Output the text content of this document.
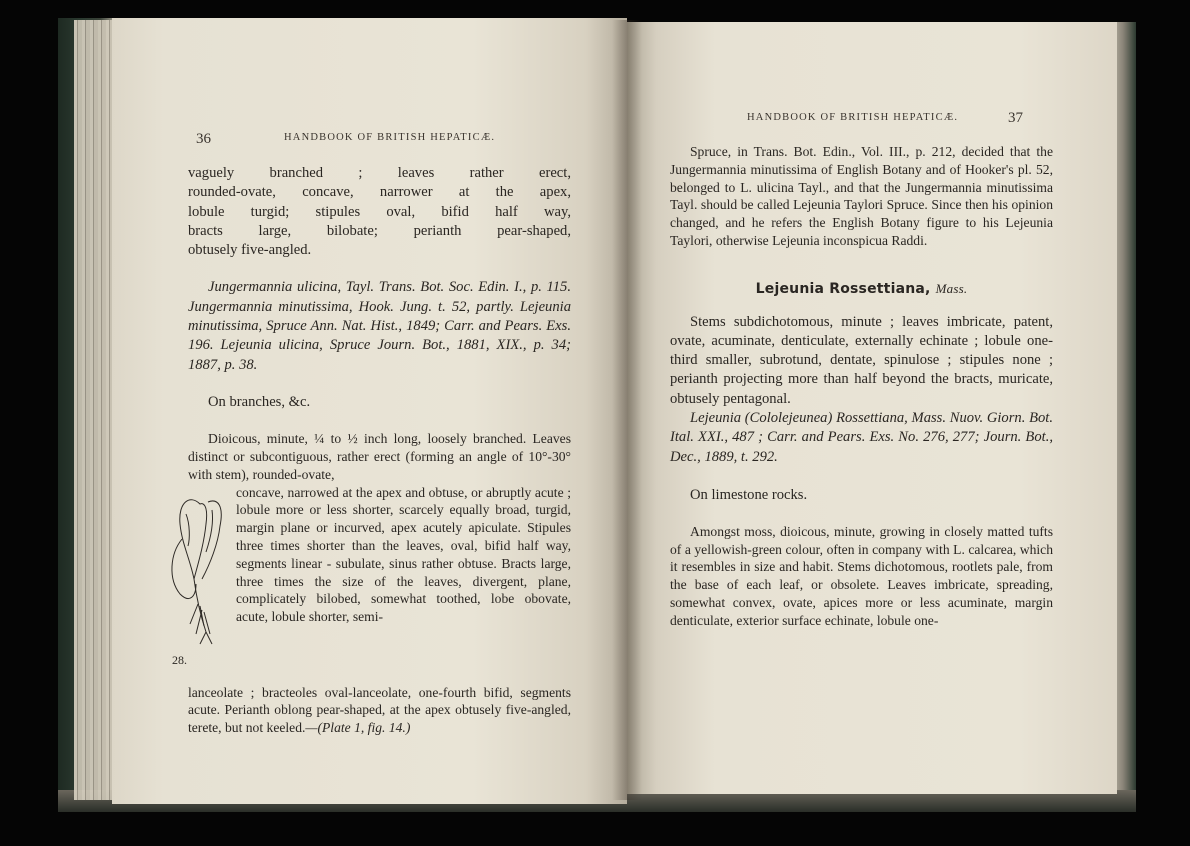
36	HANDBOOK OF BRITISH HEPATICÆ.

vaguely branched ; leaves rather erect,

rounded-ovate, concave, narrower at the apex,

lobule turgid; stipules oval, bifid half way,

bracts large, bilobate; perianth pear-shaped,

obtusely five-angled.

Jungermannia ulicina, Tayl. Trans. Bot. Soc. Edin. I., p. 115. Jungermannia minutissima, Hook. Jung. t. 52, partly. Lejeunia minutissima, Spruce Ann. Nat. Hist., 1849; Carr. and Pears. Exs. 196. Lejeunia ulicina, Spruce Journ. Bot., 1881, XIX., p. 34; 1887, p. 38.

On branches, &c.

Dioicous, minute, ¼ to ½ inch long, loosely branched. Leaves distinct or subcontiguous, rather erect (forming an angle of 10°-30° with stem), rounded-ovate,

28.

concave, narrowed at the apex and obtuse, or abruptly acute ; lobule more or less shorter, scarcely equally broad, turgid, margin plane or incurved, apex acutely apiculate. Stipules three times shorter than the leaves, oval, bifid half way, segments linear - subulate, sinus rather obtuse. Bracts large, three times the size of the leaves, divergent, plane, complicately bilobed, somewhat toothed, lobe obovate, acute, lobule shorter, semi-

lanceolate ; bracteoles oval-lanceolate, one-fourth bifid, segments acute. Perianth oblong pear-shaped, at the apex obtusely five-angled, terete, but not keeled.—(Plate 1, fig. 14.)

HANDBOOK OF BRITISH HEPATICÆ.	37

Spruce, in Trans. Bot. Edin., Vol. III., p. 212, decided that the Jungermannia minutissima of English Botany and of Hooker's pl. 52, belonged to L. ulicina Tayl., and that the Jungermannia minutissima Tayl. should be called Lejeunia Taylori Spruce. Since then his opinion changed, and he refers the English Botany figure to his Lejeunia Taylori, otherwise Lejeunia inconspicua Raddi.

Lejeunia Rossettiana, Mass.

Stems subdichotomous, minute ; leaves imbricate, patent, ovate, acuminate, denticulate, externally echinate ; lobule one-third smaller, subrotund, dentate, spinulose ; stipules none ; perianth projecting more than half beyond the bracts, muricate, obtusely pentagonal.

Lejeunia (Cololejeunea) Rossettiana, Mass. Nuov. Giorn. Bot. Ital. XXI., 487 ; Carr. and Pears. Exs. No. 276, 277; Journ. Bot., Dec., 1889, t. 292.

On limestone rocks.

Amongst moss, dioicous, minute, growing in closely matted tufts of a yellowish-green colour, often in company with L. calcarea, which it resembles in size and habit. Stems dichotomous, rootlets pale, from the base of each leaf, or obsolete. Leaves imbricate, spreading, somewhat convex, ovate, apices more or less acuminate, margin denticulate, exterior surface echinate, lobule one-
